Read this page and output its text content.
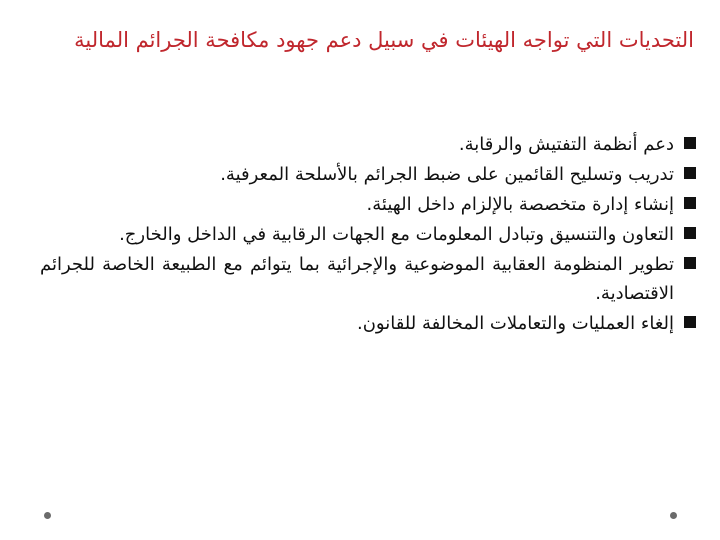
التحديات التي تواجه الهيئات في سبيل دعم جهود مكافحة الجرائم المالية
دعم أنظمة التفتيش والرقابة.
تدريب وتسليح القائمين على ضبط الجرائم بالأسلحة المعرفية.
إنشاء إدارة متخصصة بالإلزام داخل الهيئة.
التعاون والتنسيق وتبادل المعلومات مع الجهات الرقابية في الداخل والخارج.
تطوير المنظومة العقابية الموضوعية والإجرائية بما يتوائم مع الطبيعة الخاصة للجرائم الاقتصادية.
إلغاء العمليات والتعاملات المخالفة للقانون.
